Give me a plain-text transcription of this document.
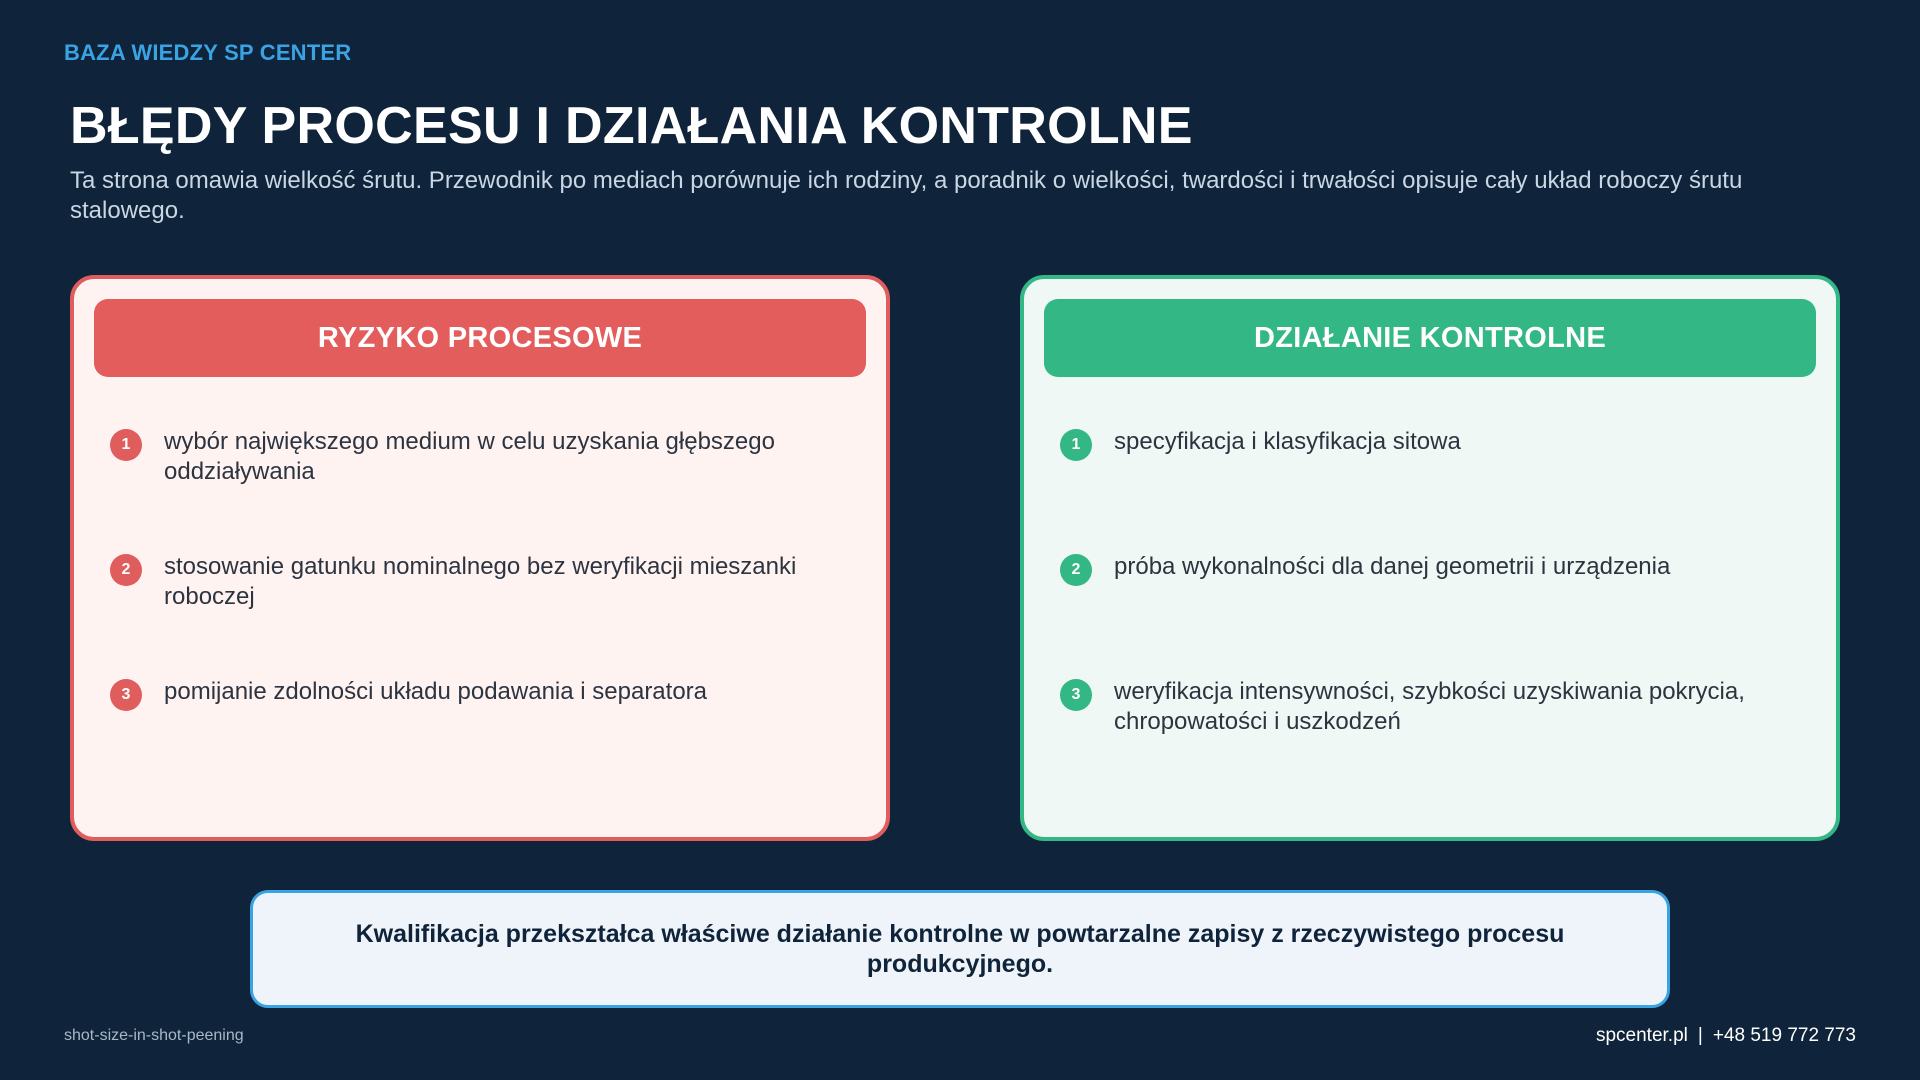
BAZA WIEDZY SP CENTER
BŁĘDY PROCESU I DZIAŁANIA KONTROLNE

Ta strona omawia wielkość śrutu. Przewodnik po mediach porównuje ich rodziny, a poradnik o wielkości, twardości i trwałości opisuje cały układ roboczy śrutu stalowego.

RYZYKO PROCESOWE
1	wybór największego medium w celu uzyskania głębszego oddziaływania
2	stosowanie gatunku nominalnego bez weryfikacji mieszanki roboczej
3	pomijanie zdolności układu podawania i separatora
DZIAŁANIE KONTROLNE
1	specyfikacja i klasyfikacja sitowa
2	próba wykonalności dla danej geometrii i urządzenia
3	weryfikacja intensywności, szybkości uzyskiwania pokrycia, chropowatości i uszkodzeń
Kwalifikacja przekształca właściwe działanie kontrolne w powtarzalne zapisy z rzeczywistego procesu produkcyjnego.
shot-size-in-shot-peening	spcenter.pl | +48 519 772 773
